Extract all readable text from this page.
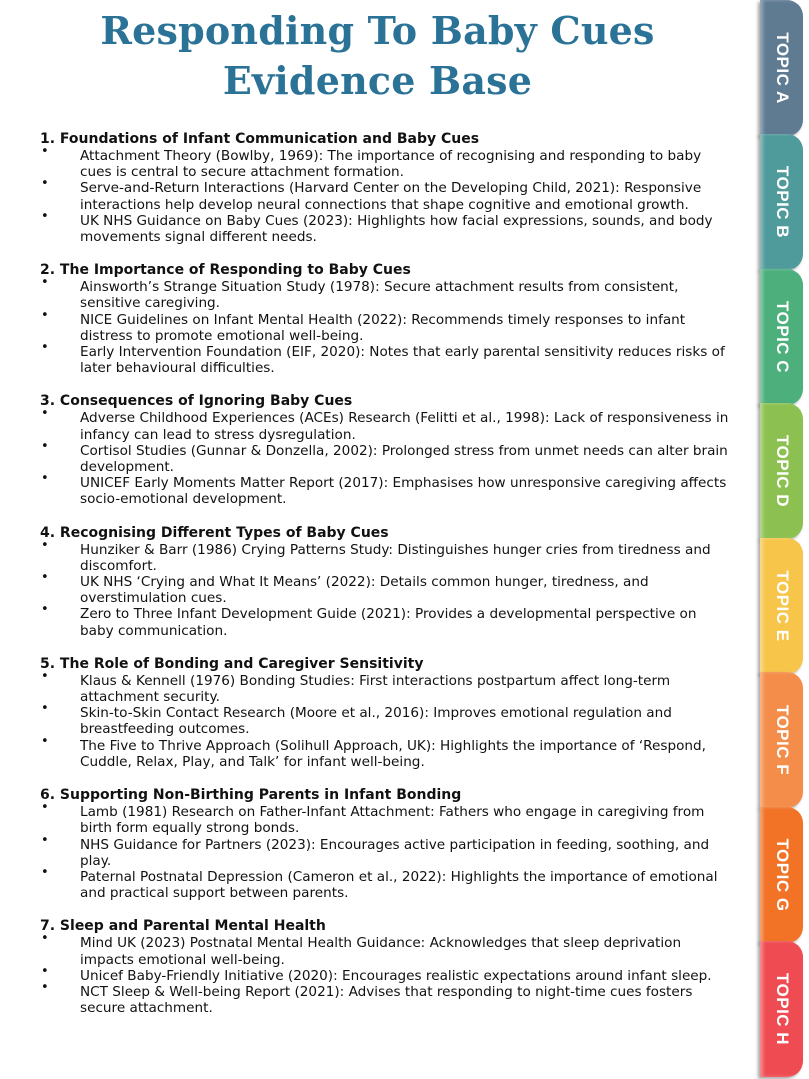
Responding To Baby Cues
Evidence Base
1. Foundations of Infant Communication and Baby Cues
• Attachment Theory (Bowlby, 1969): The importance of recognising and responding to baby cues is central to secure attachment formation.
• Serve-and-Return Interactions (Harvard Center on the Developing Child, 2021): Responsive interactions help develop neural connections that shape cognitive and emotional growth.
• UK NHS Guidance on Baby Cues (2023): Highlights how facial expressions, sounds, and body movements signal different needs.
2. The Importance of Responding to Baby Cues
• Ainsworth’s Strange Situation Study (1978): Secure attachment results from consistent, sensitive caregiving.
• NICE Guidelines on Infant Mental Health (2022): Recommends timely responses to infant distress to promote emotional well-being.
• Early Intervention Foundation (EIF, 2020): Notes that early parental sensitivity reduces risks of later behavioural difficulties.
3. Consequences of Ignoring Baby Cues
• Adverse Childhood Experiences (ACEs) Research (Felitti et al., 1998): Lack of responsiveness in infancy can lead to stress dysregulation.
• Cortisol Studies (Gunnar & Donzella, 2002): Prolonged stress from unmet needs can alter brain development.
• UNICEF Early Moments Matter Report (2017): Emphasises how unresponsive caregiving affects socio-emotional development.
4. Recognising Different Types of Baby Cues
• Hunziker & Barr (1986) Crying Patterns Study: Distinguishes hunger cries from tiredness and discomfort.
• UK NHS ‘Crying and What It Means’ (2022): Details common hunger, tiredness, and overstimulation cues.
• Zero to Three Infant Development Guide (2021): Provides a developmental perspective on baby communication.
5. The Role of Bonding and Caregiver Sensitivity
• Klaus & Kennell (1976) Bonding Studies: First interactions postpartum affect long-term attachment security.
• Skin-to-Skin Contact Research (Moore et al., 2016): Improves emotional regulation and breastfeeding outcomes.
• The Five to Thrive Approach (Solihull Approach, UK): Highlights the importance of ‘Respond, Cuddle, Relax, Play, and Talk’ for infant well-being.
6. Supporting Non-Birthing Parents in Infant Bonding
• Lamb (1981) Research on Father-Infant Attachment: Fathers who engage in caregiving from birth form equally strong bonds.
• NHS Guidance for Partners (2023): Encourages active participation in feeding, soothing, and play.
• Paternal Postnatal Depression (Cameron et al., 2022): Highlights the importance of emotional and practical support between parents.
7. Sleep and Parental Mental Health
• Mind UK (2023) Postnatal Mental Health Guidance: Acknowledges that sleep deprivation impacts emotional well-being.
• Unicef Baby-Friendly Initiative (2020): Encourages realistic expectations around infant sleep.
• NCT Sleep & Well-being Report (2021): Advises that responding to night-time cues fosters secure attachment.
TOPIC A
TOPIC B
TOPIC C
TOPIC D
TOPIC E
TOPIC F
TOPIC G
TOPIC H
